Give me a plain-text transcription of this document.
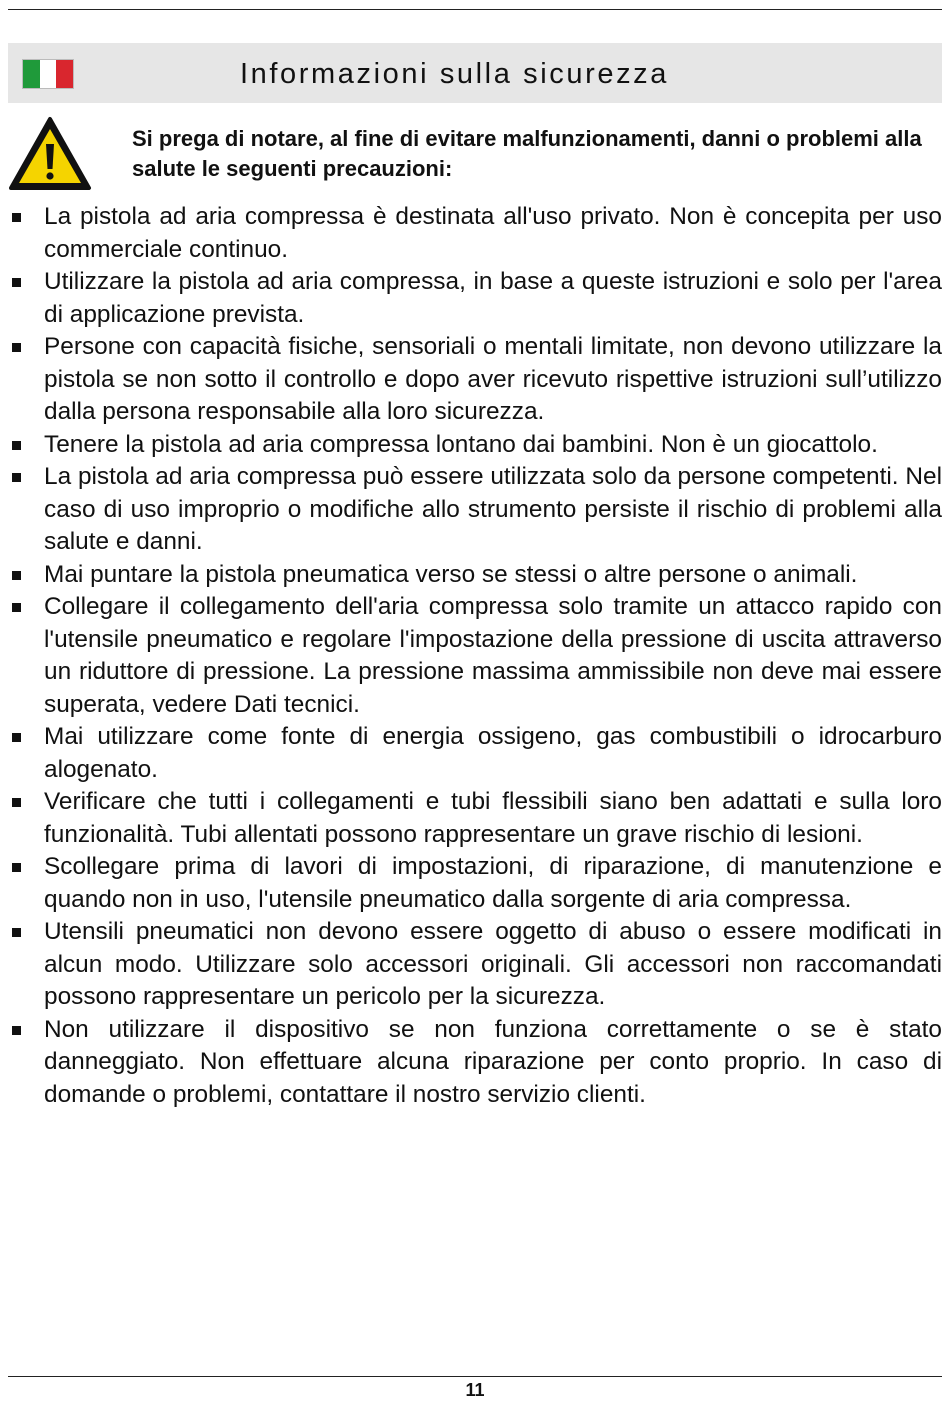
Informazioni sulla sicurezza
Si prega di notare, al fine di evitare malfunzionamenti, danni o problemi alla salute le seguenti precauzioni:
La pistola ad aria compressa è destinata all'uso privato. Non è concepita per uso commerciale continuo.
Utilizzare la pistola ad aria compressa, in base a queste istruzioni e solo per l'area di applicazione prevista.
Persone con capacità fisiche, sensoriali o mentali limitate, non devono utilizzare la pistola se non sotto il controllo e dopo aver ricevuto rispettive istruzioni sull’utilizzo dalla persona responsabile alla loro sicurezza.
Tenere la pistola ad aria compressa lontano dai bambini. Non è un giocattolo.
La pistola ad aria compressa può essere utilizzata solo da persone competenti. Nel caso di uso improprio o modifiche allo strumento persiste il rischio di problemi alla salute e danni.
Mai puntare la pistola pneumatica verso se stessi o altre persone o animali.
Collegare il collegamento dell'aria compressa solo tramite un attacco rapido con l'utensile pneumatico e regolare l'impostazione della pressione di uscita attraverso un riduttore di pressione. La pressione massima ammissibile non deve mai essere superata, vedere Dati tecnici.
Mai utilizzare come fonte di energia ossigeno, gas combustibili o idrocarburo alogenato.
Verificare che tutti i collegamenti e tubi flessibili siano ben adattati e sulla loro funzionalità. Tubi allentati possono rappresentare un grave rischio di lesioni.
Scollegare prima di lavori di impostazioni, di riparazione, di manutenzione e quando non in uso, l'utensile pneumatico dalla sorgente di aria compressa.
Utensili pneumatici non devono essere oggetto di abuso o essere modificati in alcun modo. Utilizzare solo accessori originali. Gli accessori non raccomandati possono rappresentare un pericolo per la sicurezza.
Non utilizzare il dispositivo se non funziona correttamente o se è stato danneggiato. Non effettuare alcuna riparazione per conto proprio. In caso di domande o problemi, contattare il nostro servizio clienti.
11
